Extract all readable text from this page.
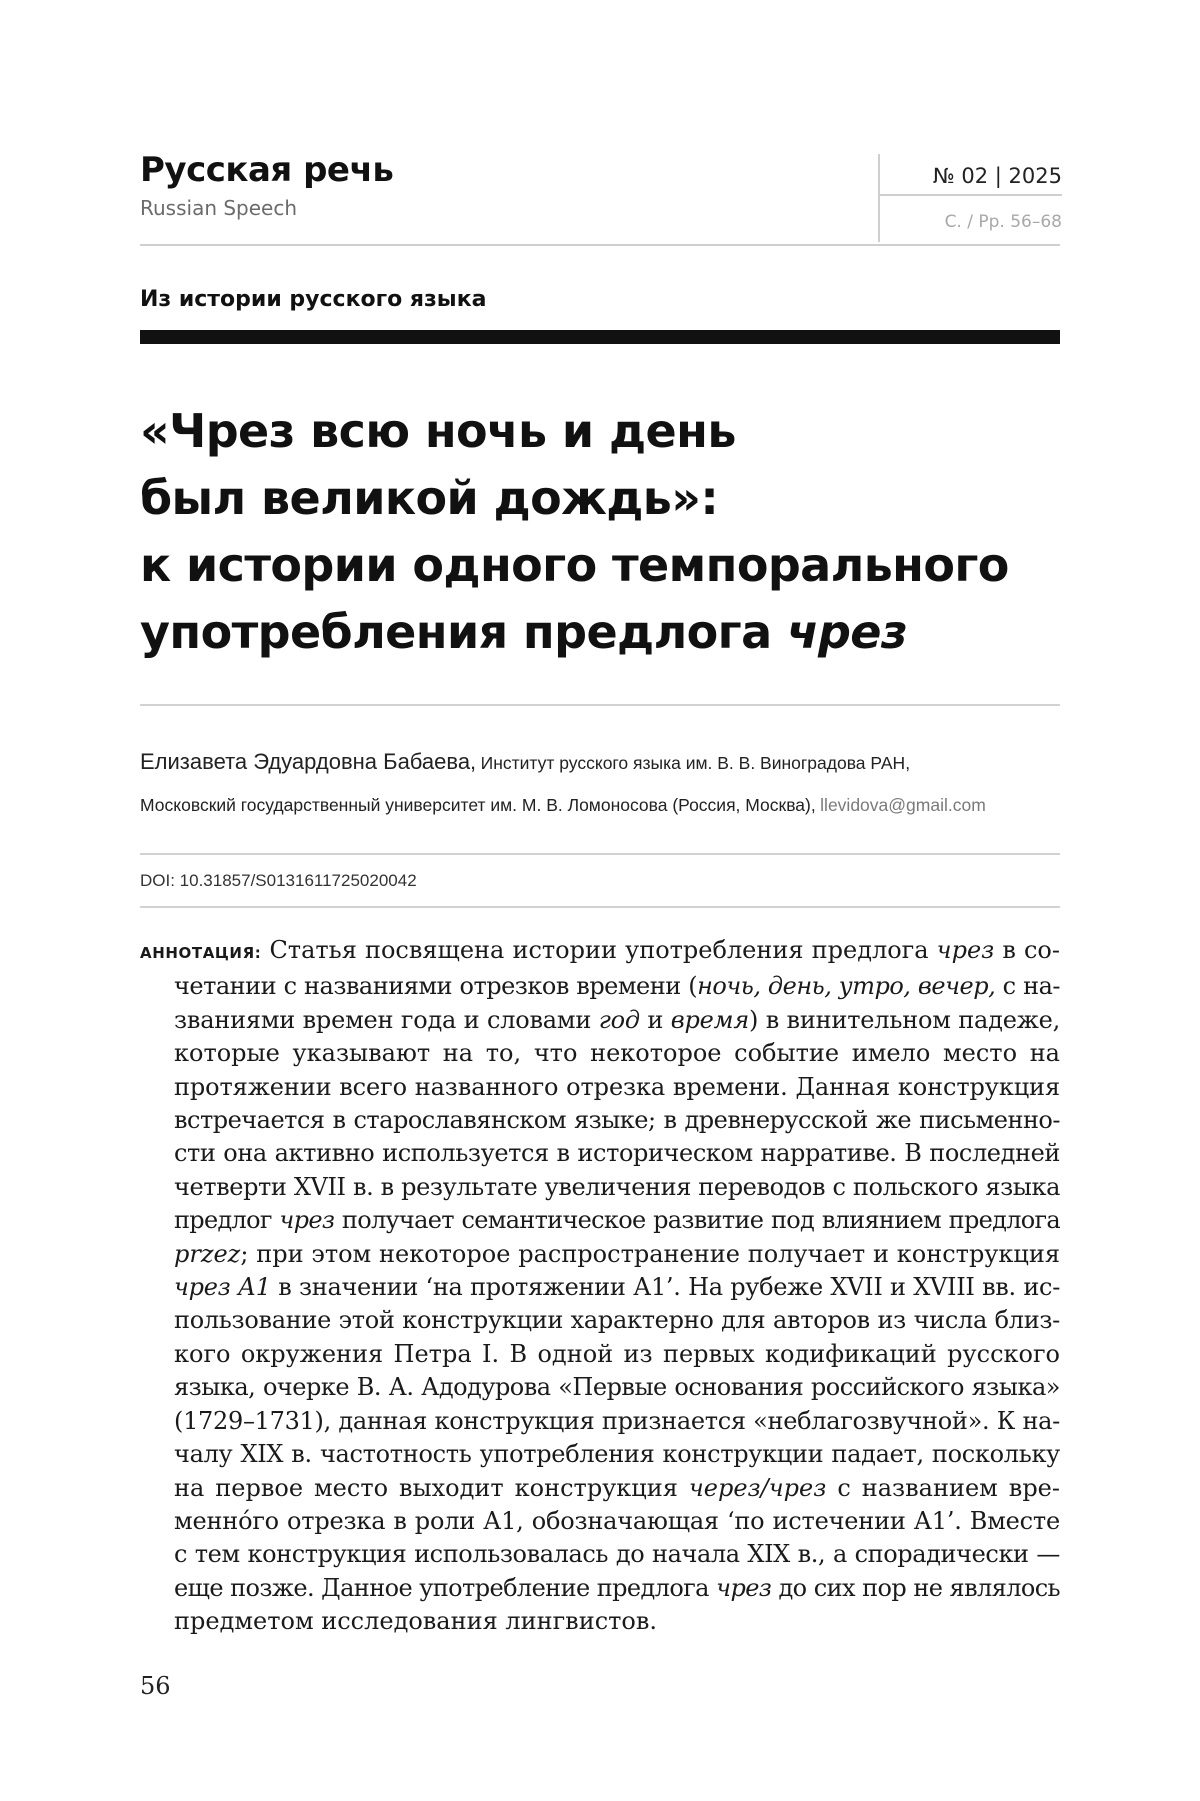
Русская речь
Russian Speech
№ 02 | 2025
С. / Pp. 56–68
Из истории русского языка
«Чрез всю ночь и день
был великой дождь»:
к истории одного темпорального
употребления предлога чрез
Елизавета Эдуардовна Бабаева, Институт русского языка им. В. В. Виноградова РАН,
Московский государственный университет им. М. В. Ломоносова (Россия, Москва), llevidova@gmail.com
DOI: 10.31857/S0131611725020042
АННОТАЦИЯ: Статья посвящена истории употребления предлога чрез в со-
четании с названиями отрезков времени (ночь, день, утро, вечер, с на-
званиями времен года и словами год и время) в винительном падеже,
которые указывают на то, что некоторое событие имело место на
протяжении всего названного отрезка времени. Данная конструкция
встречается в старославянском языке; в древнерусской же письменно-
сти она активно используется в историческом нарративе. В последней
четверти XVII в. в результате увеличения переводов с польского языка
предлог чрез получает семантическое развитие под влиянием предлога
przez; при этом некоторое распространение получает и конструкция
чрез А1 в значении ‘на протяжении А1’. На рубеже XVII и XVIII вв. ис-
пользование этой конструкции характерно для авторов из числа близ-
кого окружения Петра I. В одной из первых кодификаций русского
языка, очерке В. А. Адодурова «Первые основания российского языка»
(1729–1731), данная конструкция признается «неблагозвучной». К на-
чалу XIX в. частотность употребления конструкции падает, поскольку
на первое место выходит конструкция через/чрез с названием вре-
менно́го отрезка в роли А1, обозначающая ‘по истечении А1’. Вместе
с тем конструкция использовалась до начала XIX в., а спорадически —
еще позже. Данное употребление предлога чрез до сих пор не являлось
предметом исследования лингвистов.
56
